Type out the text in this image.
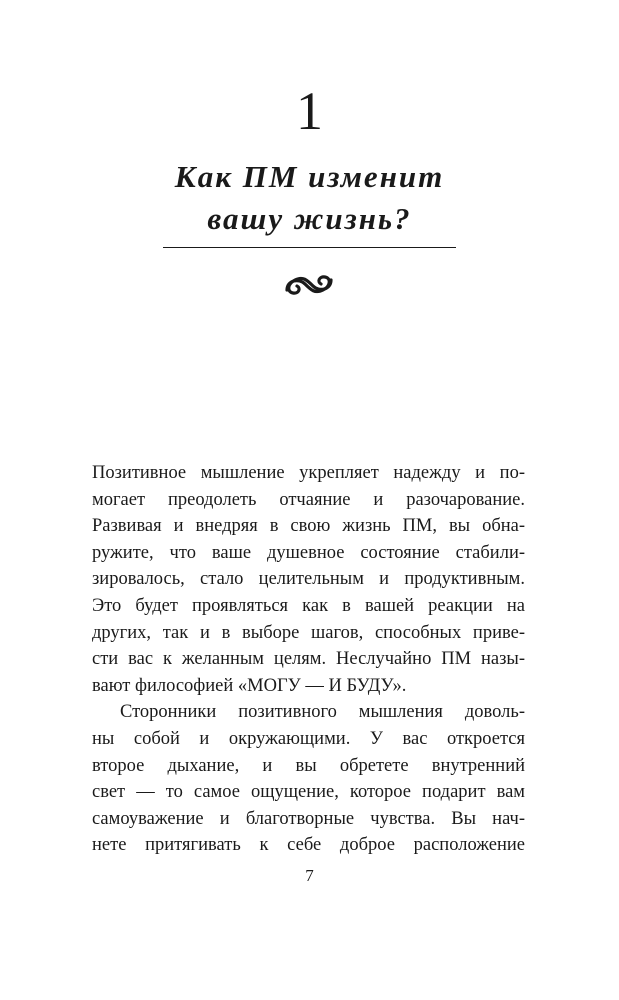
1
Как ПМ изменит
вашу жизнь?
Позитивное мышление укрепляет надежду и по-
могает преодолеть отчаяние и разочарование.
Развивая и внедряя в свою жизнь ПМ, вы обна-
ружите, что ваше душевное состояние стабили-
зировалось, стало целительным и продуктивным.
Это будет проявляться как в вашей реакции на
других, так и в выборе шагов, способных приве-
сти вас к желанным целям. Неслучайно ПМ назы-
вают философией «МОГУ — И БУДУ».
Сторонники позитивного мышления доволь-
ны собой и окружающими. У вас откроется
второе дыхание, и вы обретете внутренний
свет — то самое ощущение, которое подарит вам
самоуважение и благотворные чувства. Вы нач-
нете притягивать к себе доброе расположение
7
